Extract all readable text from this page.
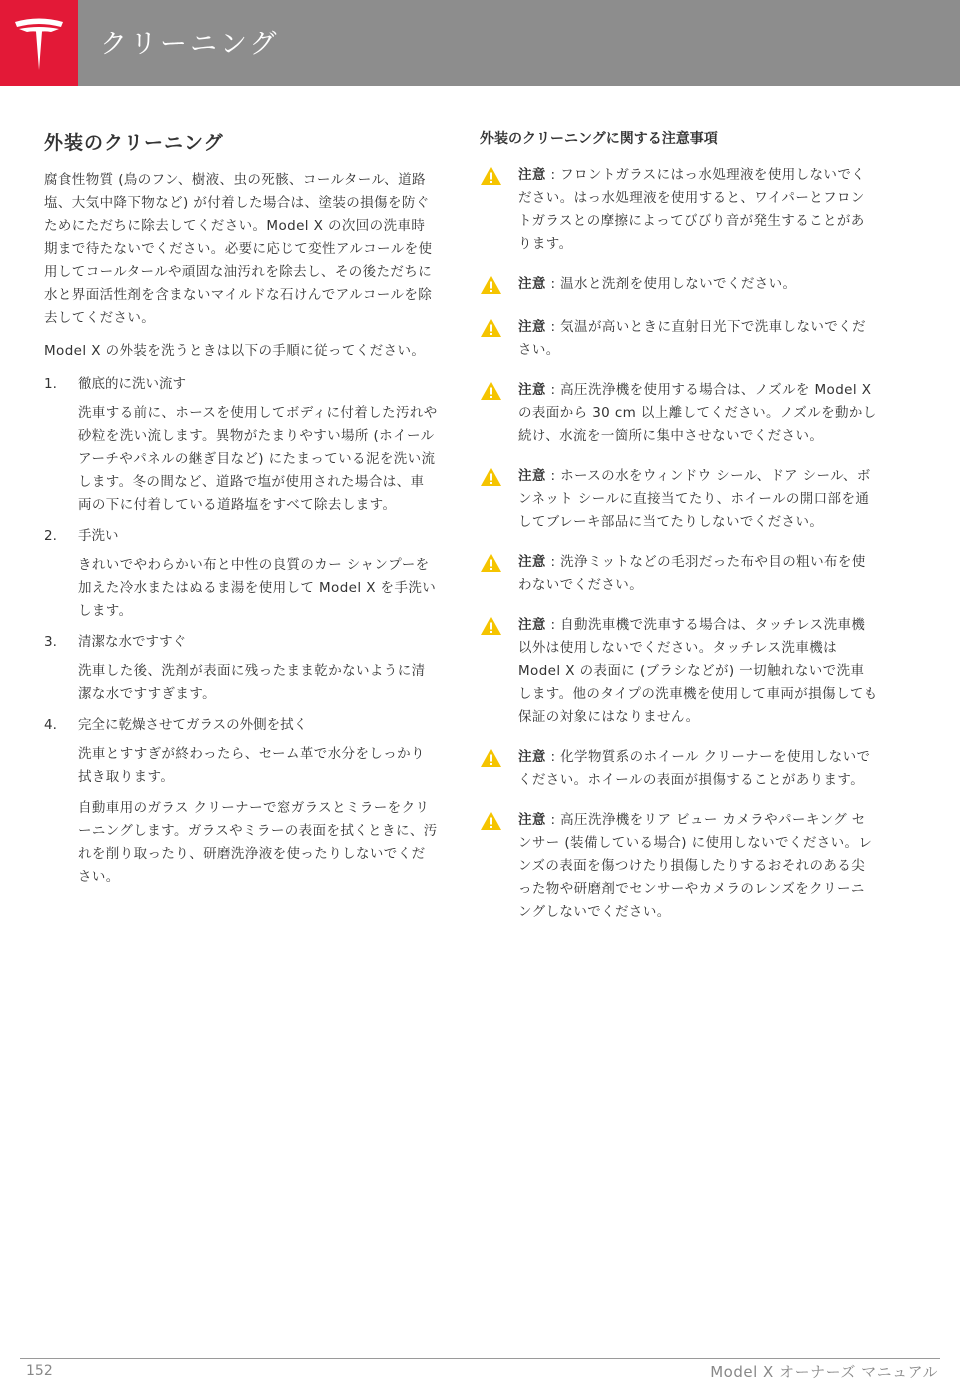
クリーニング
外装のクリーニング

腐食性物質 (鳥のフン、樹液、虫の死骸、コールタール、道路塩、大気中降下物など) が付着した場合は、塗装の損傷を防ぐためにただちに除去してください。Model X の次回の洗車時期まで待たないでください。必要に応じて変性アルコールを使用してコールタールや頑固な油汚れを除去し、その後ただちに水と界面活性剤を含まないマイルドな石けんでアルコールを除去してください。

Model X の外装を洗うときは以下の手順に従ってください。

1.	徹底的に洗い流す

洗車する前に、ホースを使用してボディに付着した汚れや砂粒を洗い流します。異物がたまりやすい場所 (ホイール アーチやパネルの継ぎ目など) にたまっている泥を洗い流します。冬の間など、道路で塩が使用された場合は、車両の下に付着している道路塩をすべて除去します。

2.	手洗い

きれいでやわらかい布と中性の良質のカー シャンプーを加えた冷水またはぬるま湯を使用して Model X を手洗いします。

3.	清潔な水ですすぐ

洗車した後、洗剤が表面に残ったまま乾かないように清潔な水ですすぎます。

4.	完全に乾燥させてガラスの外側を拭く

洗車とすすぎが終わったら、セーム革で水分をしっかり拭き取ります。

自動車用のガラス クリーナーで窓ガラスとミラーをクリーニングします。ガラスやミラーの表面を拭くときに、汚れを削り取ったり、研磨洗浄液を使ったりしないでください。

外装のクリーニングに関する注意事項
注意 : フロントガラスにはっ水処理液を使用しないでください。はっ水処理液を使用すると、ワイパーとフロントガラスとの摩擦によってびびり音が発生することがあります。
注意 : 温水と洗剤を使用しないでください。
注意 : 気温が高いときに直射日光下で洗車しないでください。
注意 : 高圧洗浄機を使用する場合は、ノズルを Model X の表面から 30 cm 以上離してください。ノズルを動かし続け、水流を一箇所に集中させないでください。
注意 : ホースの水をウィンドウ シール、ドア シール、ボンネット シールに直接当てたり、ホイールの開口部を通してブレーキ部品に当てたりしないでください。
注意 : 洗浄ミットなどの毛羽だった布や目の粗い布を使わないでください。
注意 : 自動洗車機で洗車する場合は、タッチレス洗車機以外は使用しないでください。タッチレス洗車機は Model X の表面に (ブラシなどが) 一切触れないで洗車します。他のタイプの洗車機を使用して車両が損傷しても保証の対象にはなりません。
注意 : 化学物質系のホイール クリーナーを使用しないでください。ホイールの表面が損傷することがあります。
注意 : 高圧洗浄機をリア ビュー カメラやパーキング センサー (装備している場合) に使用しないでください。レンズの表面を傷つけたり損傷したりするおそれのある尖った物や研磨剤でセンサーやカメラのレンズをクリーニングしないでください。
152	Model X オーナーズ マニュアル
